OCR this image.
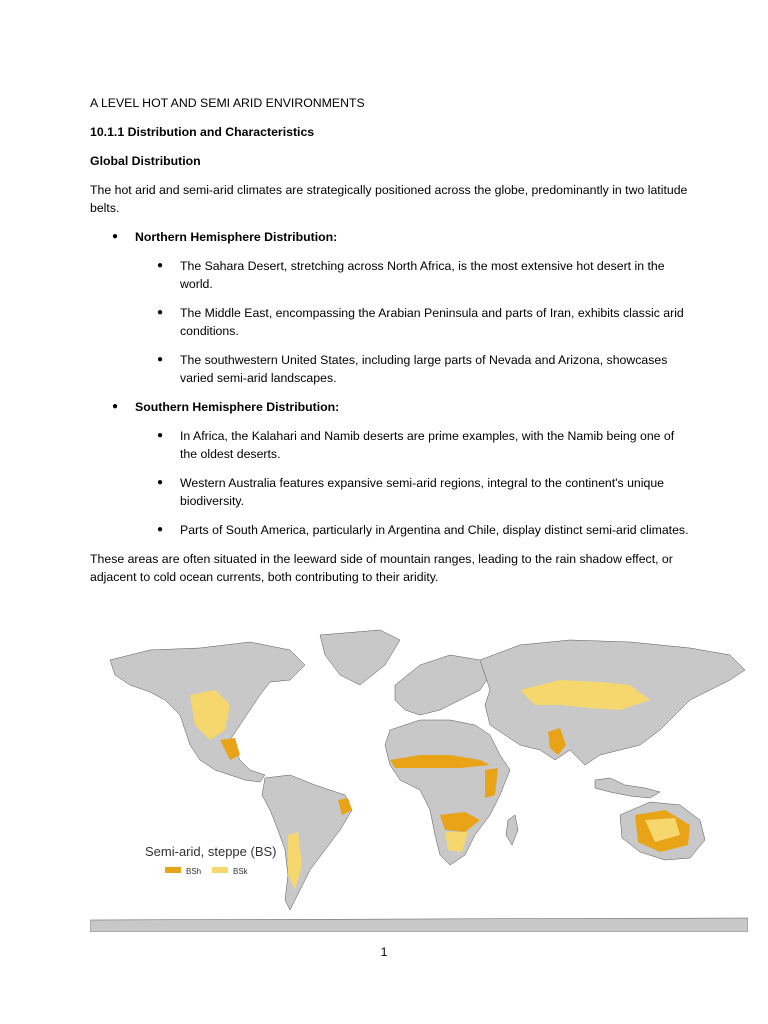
A LEVEL HOT AND SEMI ARID ENVIRONMENTS

10.1.1 Distribution and Characteristics

Global Distribution

The hot arid and semi-arid climates are strategically positioned across the globe, predominantly in two latitude belts.

● Northern Hemisphere Distribution:
● The Sahara Desert, stretching across North Africa, is the most extensive hot desert in the world.
● The Middle East, encompassing the Arabian Peninsula and parts of Iran, exhibits classic arid conditions.
● The southwestern United States, including large parts of Nevada and Arizona, showcases varied semi-arid landscapes.
● Southern Hemisphere Distribution:
● In Africa, the Kalahari and Namib deserts are prime examples, with the Namib being one of the oldest deserts.
● Western Australia features expansive semi-arid regions, integral to the continent's unique biodiversity.
● Parts of South America, particularly in Argentina and Chile, display distinct semi-arid climates.

These areas are often situated in the leeward side of mountain ranges, leading to the rain shadow effect, or adjacent to cold ocean currents, both contributing to their aridity.

Semi-arid, steppe (BS)
BSh	BSk
1
